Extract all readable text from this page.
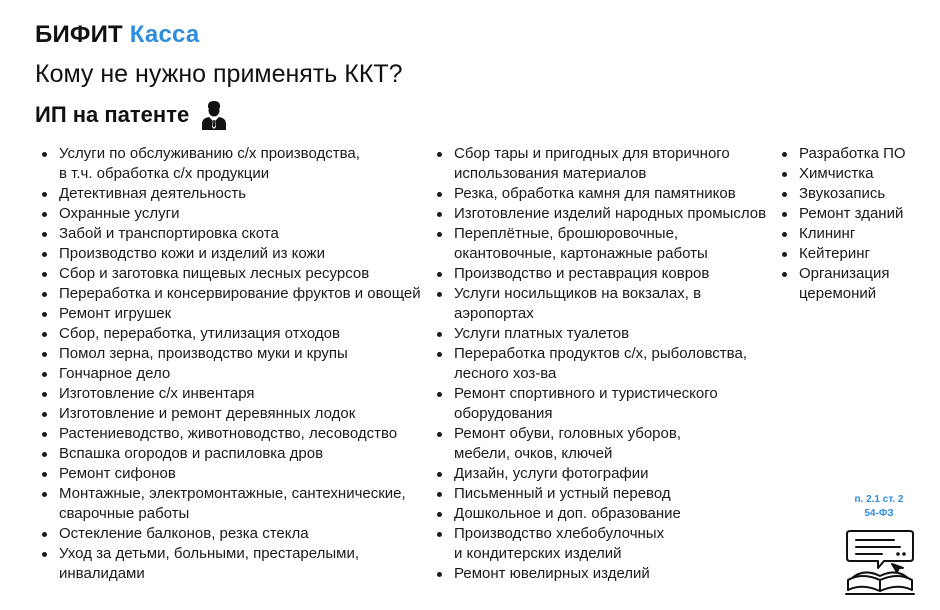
БИФИТ Касса
Кому не нужно применять ККТ?
ИП на патенте
Услуги по обслуживанию с/х производства,
в т.ч. обработка с/х продукции
Детективная деятельность
Охранные услуги
Забой и транспортировка скота
Производство кожи и изделий из кожи
Сбор и заготовка пищевых лесных ресурсов
Переработка и консервирование фруктов и овощей
Ремонт игрушек
Сбор, переработка, утилизация отходов
Помол зерна, производство муки и крупы
Гончарное дело
Изготовление с/х инвентаря
Изготовление и ремонт деревянных лодок
Растениеводство, животноводство, лесоводство
Вспашка огородов и распиловка дров
Ремонт сифонов
Монтажные, электромонтажные, сантехнические,
сварочные работы
Остекление балконов, резка стекла
Уход за детьми, больными, престарелыми,
инвалидами
Сбор тары и пригодных для вторичного
использования материалов
Резка, обработка камня для памятников
Изготовление изделий народных промыслов
Переплётные, брошюровочные,
окантовочные, картонажные работы
Производство и реставрация ковров
Услуги носильщиков на вокзалах, в
аэропортах
Услуги платных туалетов
Переработка продуктов с/х, рыболовства,
лесного хоз-ва
Ремонт спортивного и туристического
оборудования
Ремонт обуви, головных уборов,
мебели, очков, ключей
Дизайн, услуги фотографии
Письменный и устный перевод
Дошкольное и доп. образование
Производство хлебобулочных
и кондитерских изделий
Ремонт ювелирных изделий
Разработка ПО
Химчистка
Звукозапись
Ремонт зданий
Клининг
Кейтеринг
Организация
церемоний
п. 2.1 ст. 2
54-ФЗ
